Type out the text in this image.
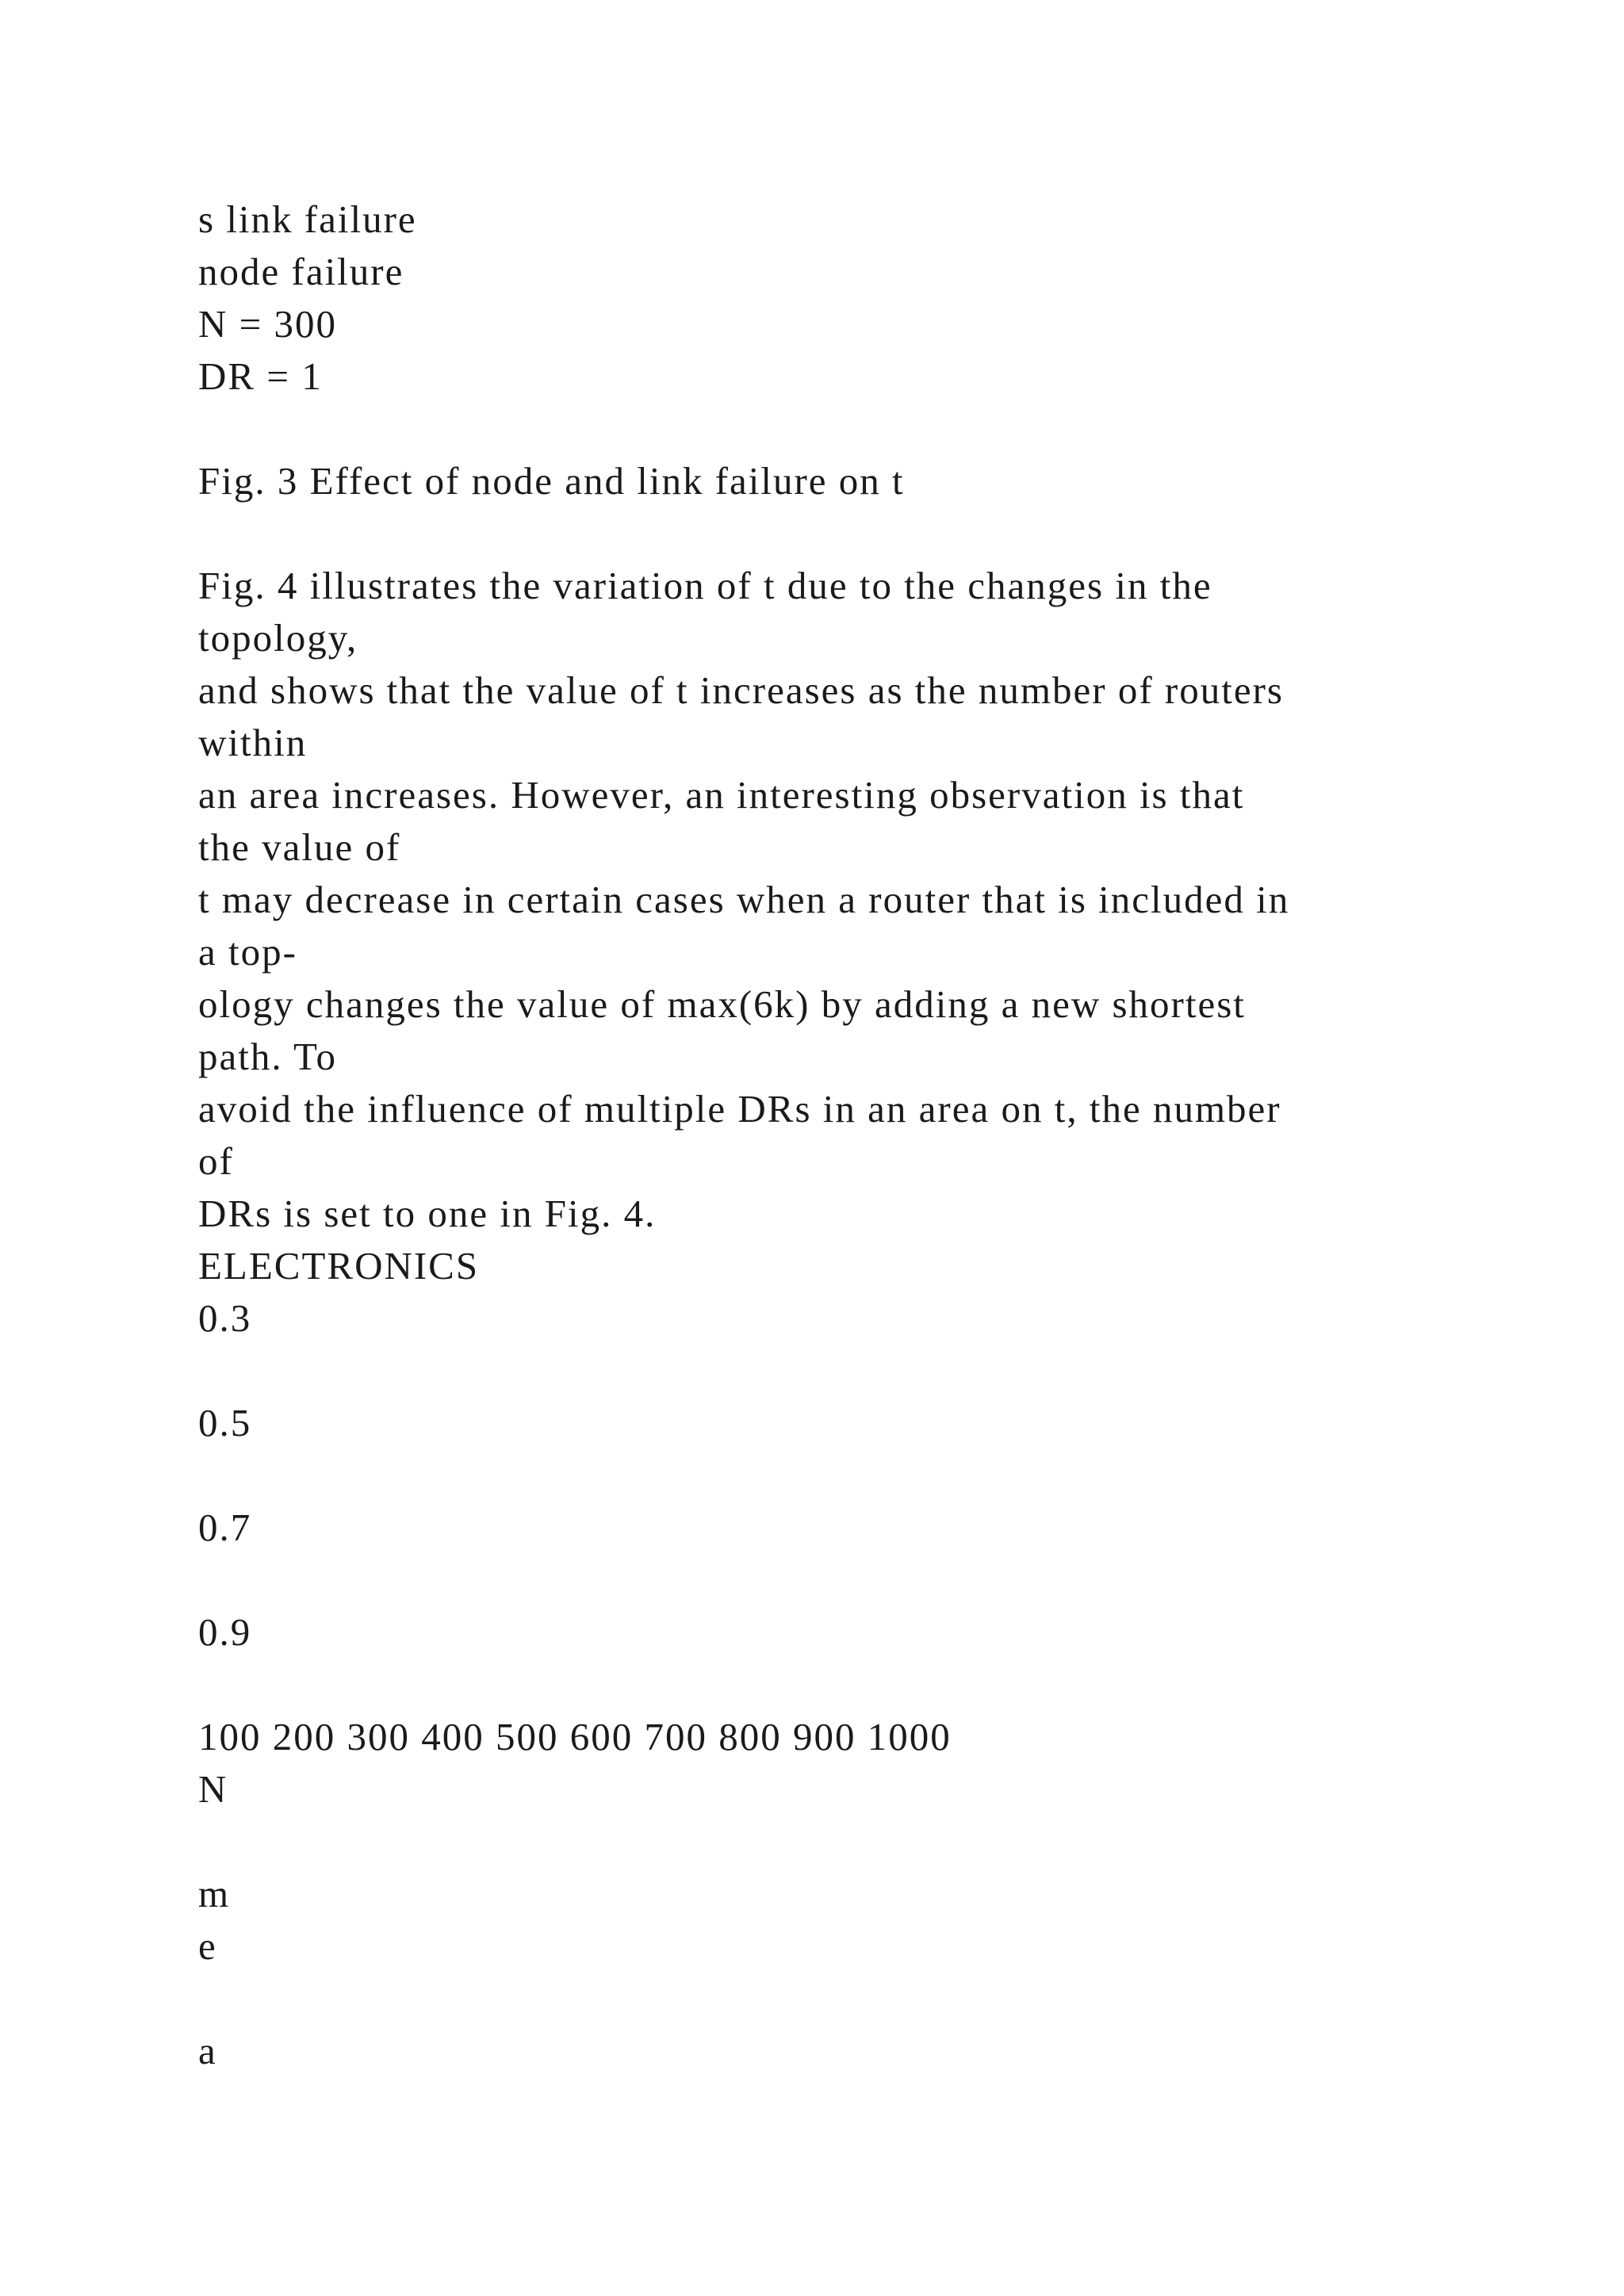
s link failure
node failure
N = 300
DR = 1
Fig. 3 Effect of node and link failure on t
Fig. 4 illustrates the variation of t due to the changes in the
topology,
and shows that the value of t increases as the number of routers
within
an area increases. However, an interesting observation is that
the value of
t may decrease in certain cases when a router that is included in
a top-
ology changes the value of max(6k) by adding a new shortest
path. To
avoid the influence of multiple DRs in an area on t, the number
of
DRs is set to one in Fig. 4.
ELECTRONICS
0.3
0.5
0.7
0.9
100 200 300 400 500 600 700 800 900 1000
N
m
e
a
